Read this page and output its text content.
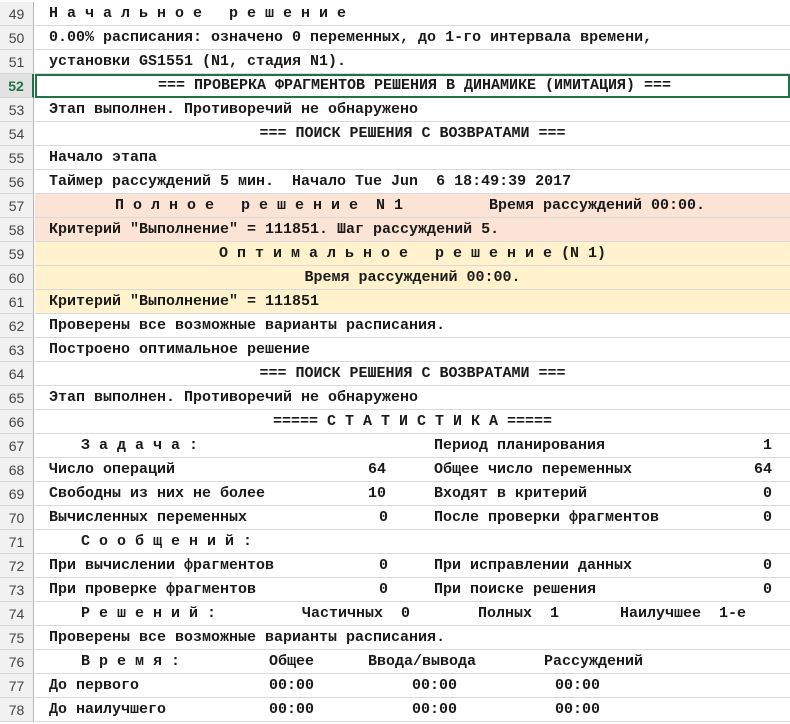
49	Н а ч а л ь н о е   р е ш е н и е
50	0.00% расписания: означено 0 переменных, до 1-го интервала времени,
51	установки GS1551 (N1, стадия N1).
52	=== ПРОВЕРКА ФРАГМЕНТОВ РЕШЕНИЯ В ДИНАМИКЕ (ИМИТАЦИЯ) ===
53	Этап выполнен. Противоречий не обнаружено
54	=== ПОИСК РЕШЕНИЯ С ВОЗВРАТАМИ ===
55	Начало этапа
56	Таймер рассуждений 5 мин.  Начало Tue Jun  6 18:49:39 2017
57	П о л н о е   р е ш е н и е  N 1	Время рассуждений 00:00.
58	Критерий "Выполнение" = 111851. Шаг рассуждений 5.
59	О п т и м а л ь н о е   р е ш е н и е (N 1)
60	Время рассуждений 00:00.
61	Критерий "Выполнение" = 111851
62	Проверены все возможные варианты расписания.
63	Построено оптимальное решение
64	=== ПОИСК РЕШЕНИЯ С ВОЗВРАТАМИ ===
65	Этап выполнен. Противоречий не обнаружено
66	===== С Т А Т И С Т И К А =====
67	З а д а ч а :	Период планирования	1
68	Число операций	64	Общее число переменных	64
69	Свободны из них не более	10	Входят в критерий	0
70	Вычисленных переменных	0	После проверки фрагментов	0
71	С о о б щ е н и й :
72	При вычислении фрагментов	0	При исправлении данных	0
73	При проверке фрагментов	0	При поиске решения	0
74	Р е ш е н и й :	Частичных  0	Полных  1	Наилучшее  1-е
75	Проверены все возможные варианты расписания.
76	В р е м я :	Общее	Ввода/вывода	Рассуждений
77	До первого	00:00	00:00	00:00
78	До наилучшего	00:00	00:00	00:00
